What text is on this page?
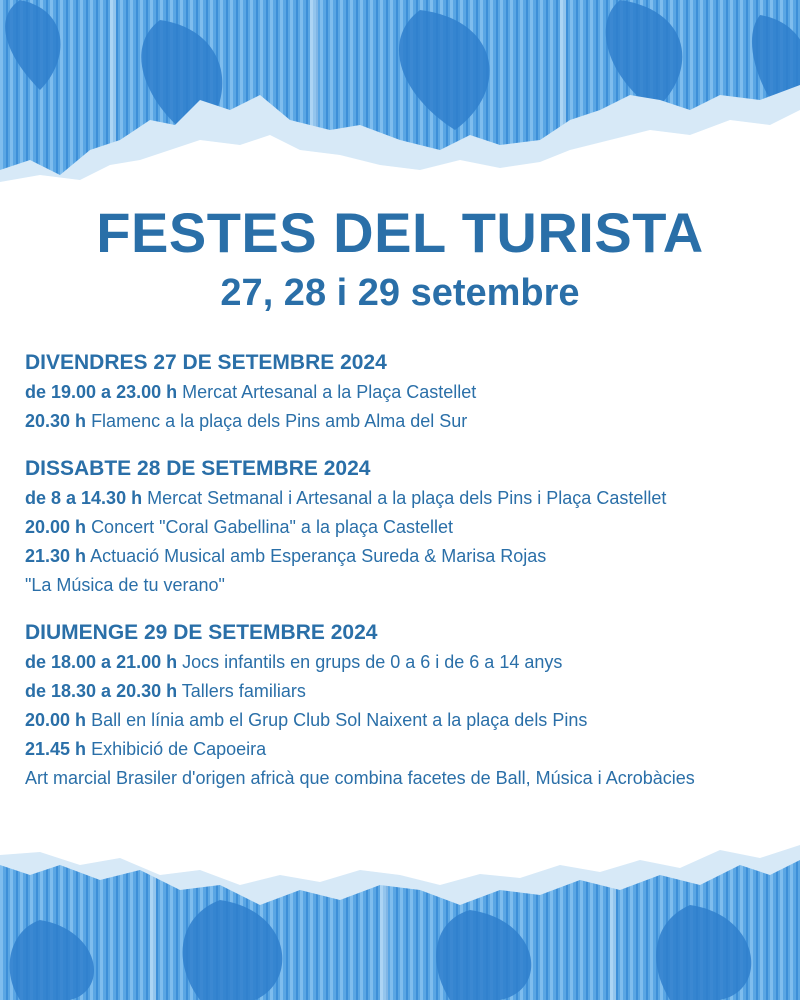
FESTES DEL TURISTA
27, 28 i 29 setembre

DIVENDRES 27 DE SETEMBRE 2024

de 19.00 a 23.00 h Mercat Artesanal a la Plaça Castellet

20.30 h Flamenc a la plaça dels Pins amb Alma del Sur

DISSABTE 28 DE SETEMBRE 2024

de 8 a 14.30 h Mercat Setmanal i Artesanal a la plaça dels Pins i Plaça Castellet

20.00 h Concert "Coral Gabellina" a la plaça Castellet

21.30 h Actuació Musical amb Esperança Sureda & Marisa Rojas

"La Música de tu verano"

DIUMENGE 29 DE SETEMBRE 2024

de 18.00 a 21.00 h Jocs infantils en grups de 0 a 6 i de 6 a 14 anys

de 18.30 a 20.30 h Tallers familiars

20.00 h Ball en línia amb el Grup Club Sol Naixent a la plaça dels Pins

21.45 h Exhibició de Capoeira

Art marcial Brasiler d'origen africà que combina facetes de Ball, Música i Acrobàcies
